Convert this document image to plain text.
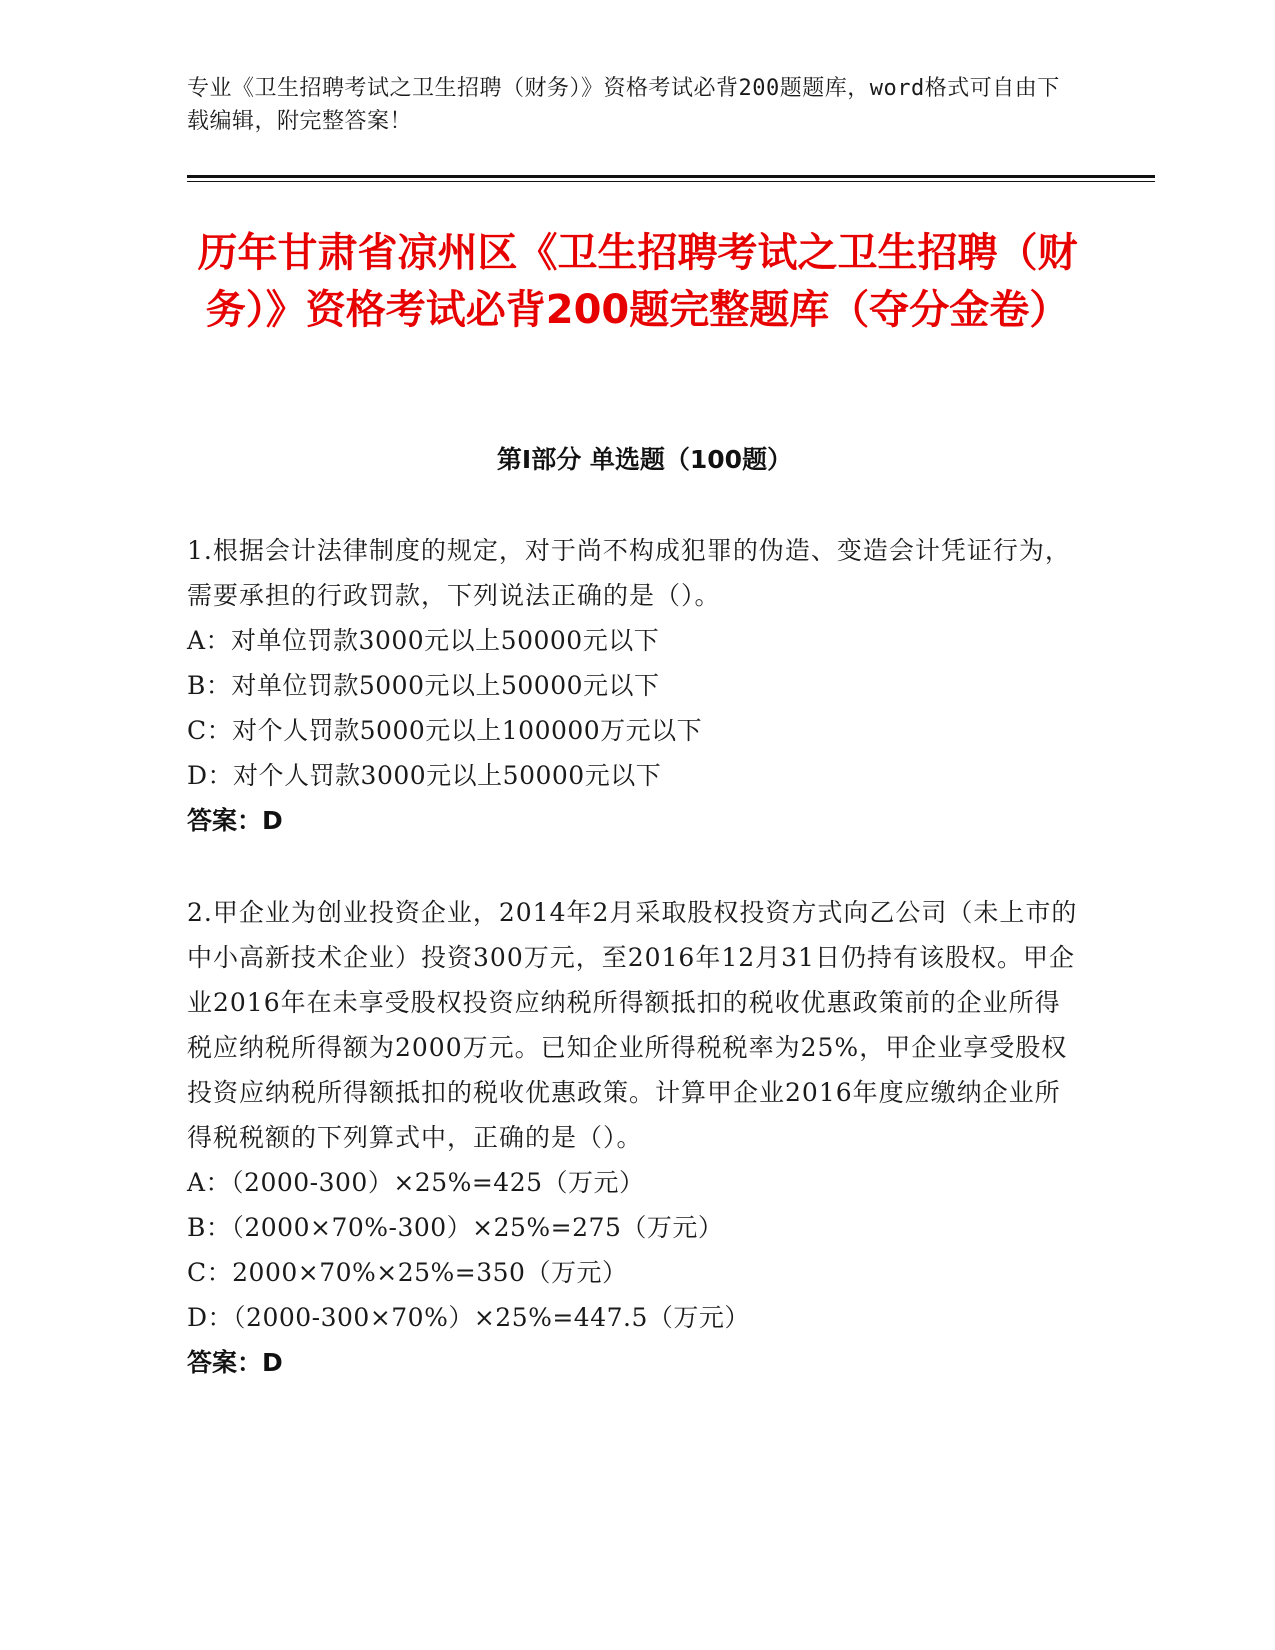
专业《卫生招聘考试之卫生招聘（财务）》资格考试必背200题题库，word格式可自由下载编辑，附完整答案！
历年甘肃省凉州区《卫生招聘考试之卫生招聘（财务）》资格考试必背200题完整题库（夺分金卷）
第Ⅰ部分 单选题（100题）
1.根据会计法律制度的规定，对于尚不构成犯罪的伪造、变造会计凭证行为，需要承担的行政罚款，下列说法正确的是（）。
A：对单位罚款3000元以上50000元以下
B：对单位罚款5000元以上50000元以下
C：对个人罚款5000元以上100000万元以下
D：对个人罚款3000元以上50000元以下
答案：D
2.甲企业为创业投资企业，2014年2月采取股权投资方式向乙公司（未上市的中小高新技术企业）投资300万元，至2016年12月31日仍持有该股权。甲企业2016年在未享受股权投资应纳税所得额抵扣的税收优惠政策前的企业所得税应纳税所得额为2000万元。已知企业所得税税率为25%，甲企业享受股权投资应纳税所得额抵扣的税收优惠政策。计算甲企业2016年度应缴纳企业所得税税额的下列算式中，正确的是（）。
A：（2000-300）×25%=425（万元）
B：（2000×70%-300）×25%=275（万元）
C：2000×70%×25%=350（万元）
D：（2000-300×70%）×25%=447.5（万元）
答案：D
